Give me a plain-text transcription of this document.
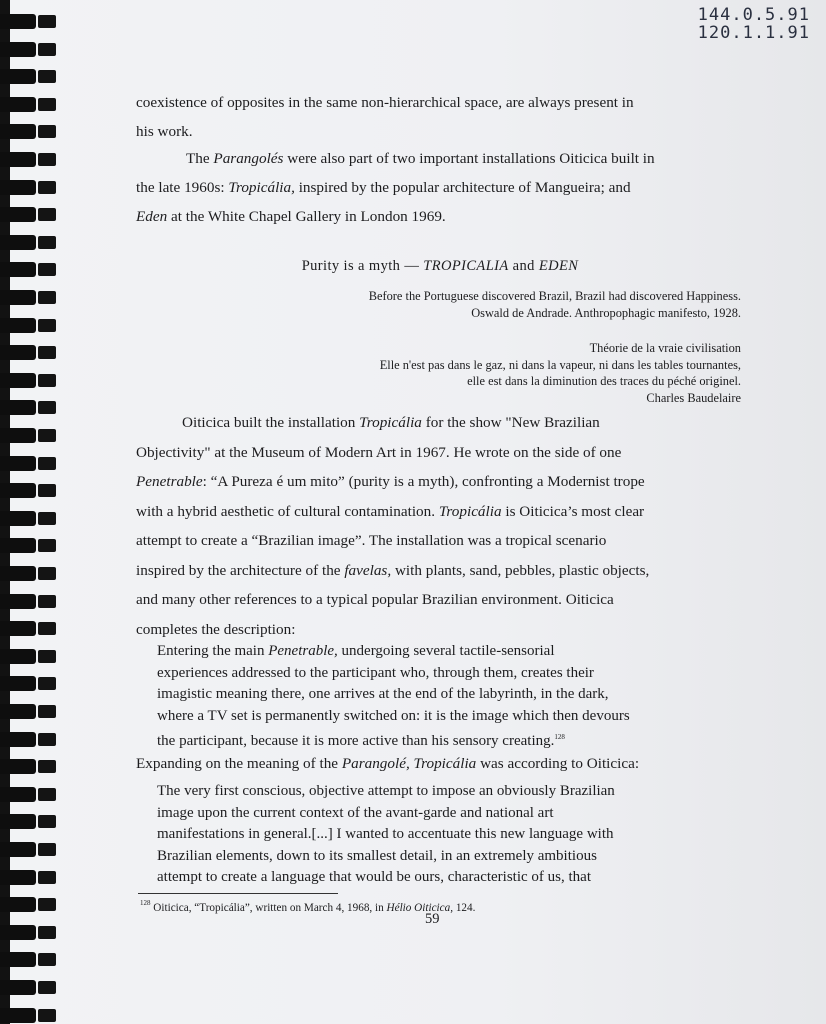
144.0.5.91
120.1.1.91
coexistence of opposites in the same non-hierarchical space, are always present in
his work.
The Parangolés were also part of two important installations Oiticica built in
the late 1960s: Tropicália, inspired by the popular architecture of Mangueira; and
Eden at the White Chapel Gallery in London 1969.
Purity is a myth — TROPICALIA and EDEN
Before the Portuguese discovered Brazil, Brazil had discovered Happiness.
Oswald de Andrade. Anthropophagic manifesto, 1928.
Théorie de la vraie civilisation
Elle n'est pas dans le gaz, ni dans la vapeur, ni dans les tables tournantes,
elle est dans la diminution des traces du péché originel.
Charles Baudelaire
Oiticica built the installation Tropicália for the show "New Brazilian
Objectivity" at the Museum of Modern Art in 1967. He wrote on the side of one
Penetrable: “A Pureza é um mito” (purity is a myth), confronting a Modernist trope
with a hybrid aesthetic of cultural contamination. Tropicália is Oiticica’s most clear
attempt to create a “Brazilian image”. The installation was a tropical scenario
inspired by the architecture of the favelas, with plants, sand, pebbles, plastic objects,
and many other references to a typical popular Brazilian environment. Oiticica
completes the description:
Entering the main Penetrable, undergoing several tactile-sensorial
experiences addressed to the participant who, through them, creates their
imagistic meaning there, one arrives at the end of the labyrinth, in the dark,
where a TV set is permanently switched on: it is the image which then devours
the participant, because it is more active than his sensory creating.$^{128}$
Expanding on the meaning of the Parangolé, Tropicália was according to Oiticica:
The very first conscious, objective attempt to impose an obviously Brazilian
image upon the current context of the avant-garde and national art
manifestations in general.[...] I wanted to accentuate this new language with
Brazilian elements, down to its smallest detail, in an extremely ambitious
attempt to create a language that would be ours, characteristic of us, that
$^{128}$ Oiticica, “Tropicália”, written on March 4, 1968, in Hélio Oiticica, 124.
59
